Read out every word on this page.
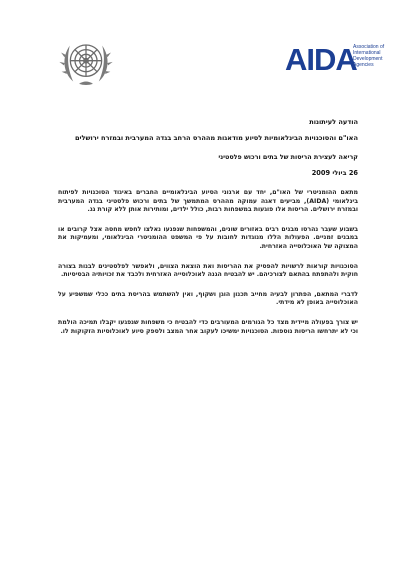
AIDA
Association of International Development Agencies
הודעה לעיתונות
האו"ם והסוכנויות הבינלאומיות לסיוע מודאגות מההרס הרחב בגדה המערבית ובמזרח ירושלים
קריאה לעצירת הריסות של בתים ורכוש פלסטיני
26 ביולי 2009

מתאם ההומניטרי של האו"ם, יחד עם ארגוני הסיוע הבינלאומיים החברים באיגוד הסוכנויות לפיתוח בינלאומי (AIDA), מביעים דאגה עמוקה מההרס המתמשך של בתים ורכוש פלסטיני בגדה המערבית ובמזרח ירושלים. הריסות אלו פוגעות במשפחות רבות, כולל ילדים, ומותירות אותן ללא קורת גג.

בשבוע שעבר נהרסו מבנים רבים באזורים שונים, והמשפחות שנפגעו נאלצו לחפש מחסה אצל קרובים או במבנים זמניים. הפעולות הללו מנוגדות לחובות על פי המשפט ההומניטרי הבינלאומי, ומעמיקות את המצוקה של האוכלוסייה האזרחית.

הסוכנויות קוראות לרשויות להפסיק את ההריסות ואת הוצאת הצווים, ולאפשר לפלסטינים לבנות בצורה חוקית ולהתפתח בהתאם לצורכיהם. יש להבטיח הגנה לאוכלוסייה האזרחית ולכבד את זכויותיה הבסיסיות.

לדברי המתאם, הפתרון לבעיה מחייב תכנון הוגן ושקוף, ואין להשתמש בהריסת בתים ככלי שמשפיע על האוכלוסייה באופן לא מידתי.

יש צורך בפעולה מיידית מצד כל הגורמים המעורבים כדי להבטיח כי משפחות שנפגעו יקבלו תמיכה הולמת וכי לא יתרחשו הריסות נוספות. הסוכנויות ימשיכו לעקוב אחר המצב ולספק סיוע לאוכלוסיות הזקוקות לו.
